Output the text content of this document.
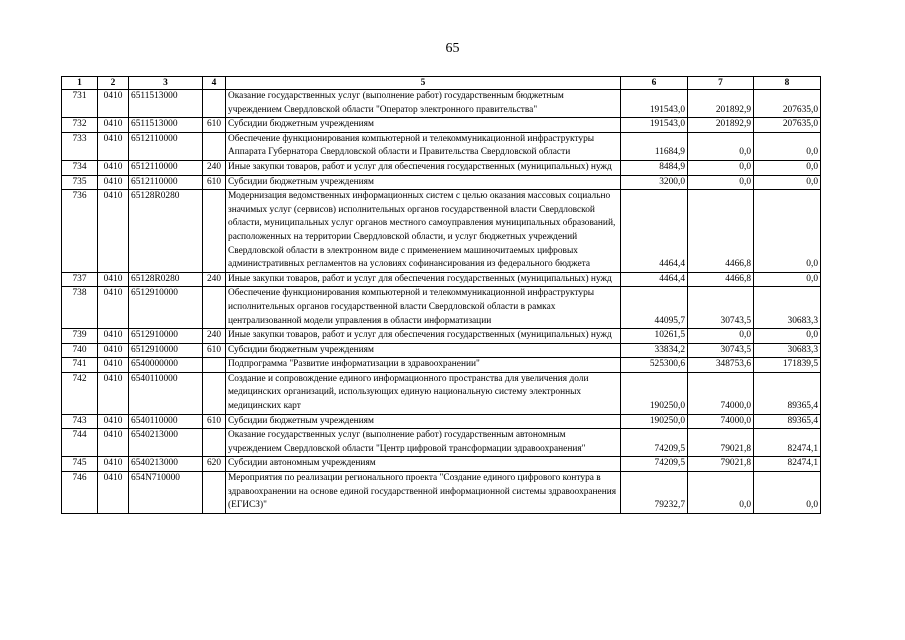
65
1	2	3	4	5	6	7	8
731	0410	6511513000		Оказание государственных услуг (выполнение работ) государственным бюджетным учреждением Свердловской области "Оператор электронного правительства"	191543,0	201892,9	207635,0
732	0410	6511513000	610	Субсидии бюджетным учреждениям	191543,0	201892,9	207635,0
733	0410	6512110000		Обеспечение функционирования компьютерной и телекоммуникационной инфраструктуры Аппарата Губернатора Свердловской области и Правительства Свердловской области	11684,9	0,0	0,0
734	0410	6512110000	240	Иные закупки товаров, работ и услуг для обеспечения государственных (муниципальных) нужд	8484,9	0,0	0,0
735	0410	6512110000	610	Субсидии бюджетным учреждениям	3200,0	0,0	0,0
736	0410	65128R0280		Модернизация ведомственных информационных систем с целью оказания массовых социально значимых услуг (сервисов) исполнительных органов государственной власти Свердловской области, муниципальных услуг органов местного самоуправления муниципальных образований, расположенных на территории Свердловской области, и услуг бюджетных учреждений Свердловской области в электронном виде с применением машиночитаемых цифровых административных регламентов на условиях софинансирования из федерального бюджета	4464,4	4466,8	0,0
737	0410	65128R0280	240	Иные закупки товаров, работ и услуг для обеспечения государственных (муниципальных) нужд	4464,4	4466,8	0,0
738	0410	6512910000		Обеспечение функционирования компьютерной и телекоммуникационной инфраструктуры исполнительных органов государственной власти Свердловской области в рамках централизованной модели управления в области информатизации	44095,7	30743,5	30683,3
739	0410	6512910000	240	Иные закупки товаров, работ и услуг для обеспечения государственных (муниципальных) нужд	10261,5	0,0	0,0
740	0410	6512910000	610	Субсидии бюджетным учреждениям	33834,2	30743,5	30683,3
741	0410	6540000000		Подпрограмма "Развитие информатизации в здравоохранении"	525300,6	348753,6	171839,5
742	0410	6540110000		Создание и сопровождение единого информационного пространства для увеличения доли медицинских организаций, использующих единую национальную систему электронных медицинских карт	190250,0	74000,0	89365,4
743	0410	6540110000	610	Субсидии бюджетным учреждениям	190250,0	74000,0	89365,4
744	0410	6540213000		Оказание государственных услуг (выполнение работ) государственным автономным учреждением Свердловской области "Центр цифровой трансформации здравоохранения"	74209,5	79021,8	82474,1
745	0410	6540213000	620	Субсидии автономным учреждениям	74209,5	79021,8	82474,1
746	0410	654N710000		Мероприятия по реализации регионального проекта "Создание единого цифрового контура в здравоохранении на основе единой государственной информационной системы здравоохранения (ЕГИСЗ)"	79232,7	0,0	0,0
